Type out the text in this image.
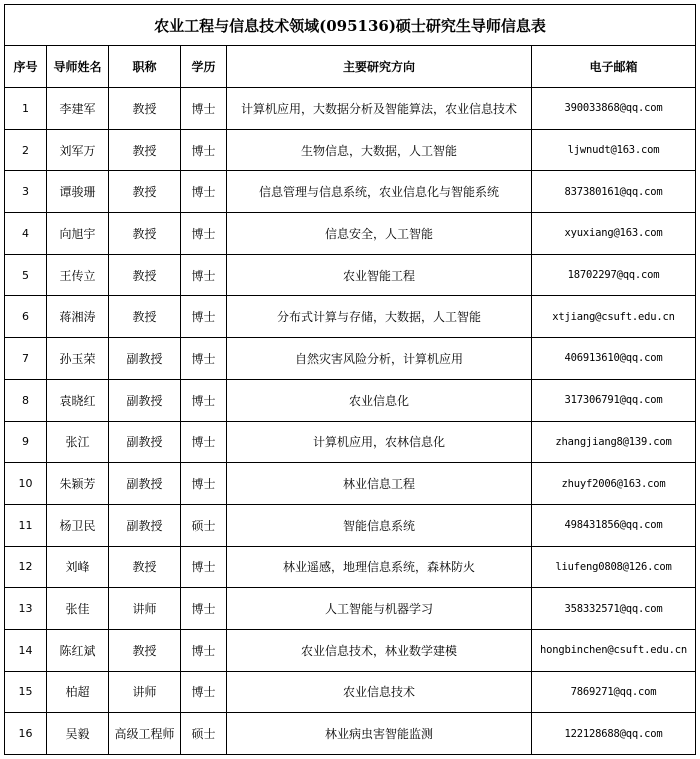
农业工程与信息技术领域(095136)硕士研究生导师信息表					
序号	导师姓名	职称	学历	主要研究方向	电子邮箱
1	李建军	教授	博士	计算机应用，大数据分析及智能算法，农业信息技术	390033868@qq.com
2	刘军万	教授	博士	生物信息，大数据，人工智能	ljwnudt@163.com
3	谭骏珊	教授	博士	信息管理与信息系统，农业信息化与智能系统	837380161@qq.com
4	向旭宇	教授	博士	信息安全，人工智能	xyuxiang@163.com
5	王传立	教授	博士	农业智能工程	18702297@qq.com
6	蒋湘涛	教授	博士	分布式计算与存储，大数据，人工智能	xtjiang@csuft.edu.cn
7	孙玉荣	副教授	博士	自然灾害风险分析，计算机应用	406913610@qq.com
8	袁晓红	副教授	博士	农业信息化	317306791@qq.com
9	张江	副教授	博士	计算机应用，农林信息化	zhangjiang8@139.com
10	朱颖芳	副教授	博士	林业信息工程	zhuyf2006@163.com
11	杨卫民	副教授	硕士	智能信息系统	498431856@qq.com
12	刘峰	教授	博士	林业遥感，地理信息系统，森林防火	liufeng0808@126.com
13	张佳	讲师	博士	人工智能与机器学习	358332571@qq.com
14	陈红斌	教授	博士	农业信息技术，林业数学建模	hongbinchen@csuft.edu.cn
15	柏超	讲师	博士	农业信息技术	7869271@qq.com
16	吴毅	高级工程师	硕士	林业病虫害智能监测	122128688@qq.com
